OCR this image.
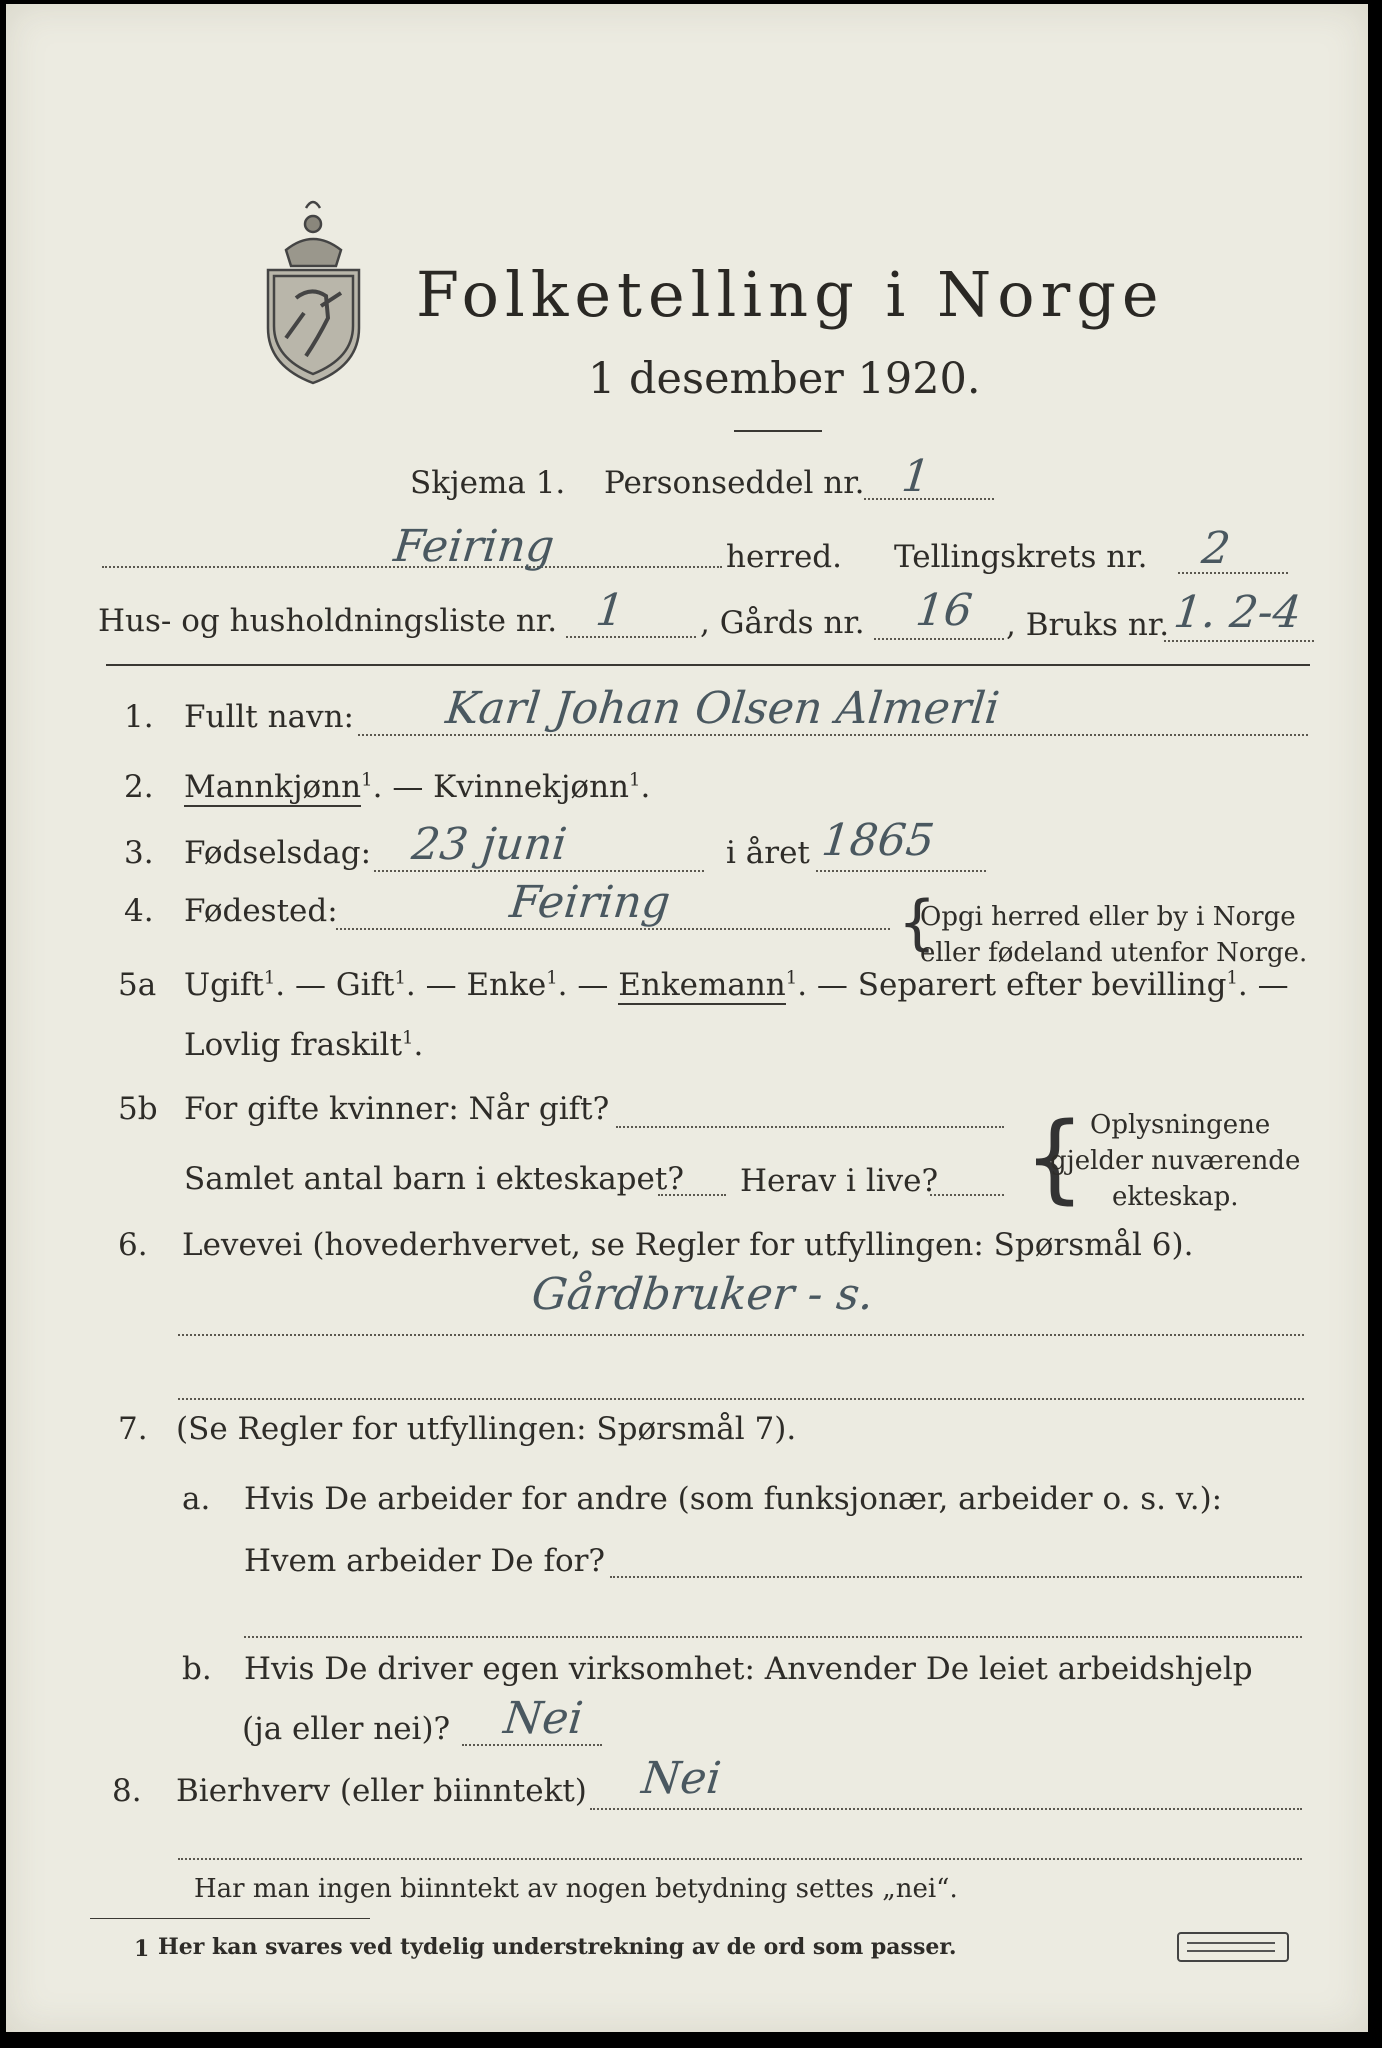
Folketelling i Norge
1 desember 1920.
Skjema 1. Personseddel nr. 1
Feiring	herred. Tellingskrets nr. 2
Hus- og husholdningsliste nr. 1 , Gårds nr. 16 , Bruks nr. 1. 2-4
1. Fullt navn: Karl Johan Olsen Almerli
2. Mannkjønn$^1$. — Kvinnekjønn$^1$.
3. Fødselsdag: 23 juni	i året 1865
4. Fødested:	Feiring	{
Opgi herred eller by i Norge
eller fødeland utenfor Norge.
5a Ugift$^1$. — Gift$^1$. — Enke$^1$. — Enkemann$^1$. — Separert efter bevilling$^1$. —
Lovlig fraskilt$^1$.
5b For gifte kvinner: Når gift?
Samlet antal barn i ekteskapet? Herav i live? { Oplysningene
gjelder nuværende
ekteskap.
6. Levevei (hovederhvervet, se Regler for utfyllingen: Spørsmål 6).
Gårdbruker - s.
7. (Se Regler for utfyllingen: Spørsmål 7).
a. Hvis De arbeider for andre (som funksjonær, arbeider o. s. v.):
Hvem arbeider De for?
b. Hvis De driver egen virksomhet: Anvender De leiet arbeidshjelp
(ja eller nei)? Nei
8. Bierhverv (eller biinntekt) Nei
Har man ingen biinntekt av nogen betydning settes „nei“.
1 Her kan svares ved tydelig understrekning av de ord som passer.
